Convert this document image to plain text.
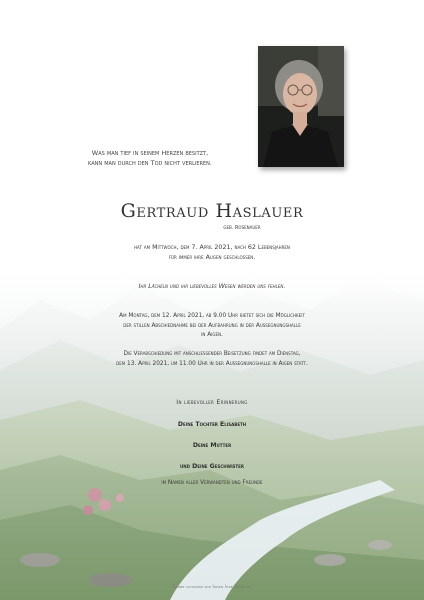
Was man tief in seinem Herzen besitzt,
kann man durch den Tod nicht verlieren.
Gertraud Haslauer
geb. Rosenauer
hat am Mittwoch, dem 7. April 2021, nach 62 Lebensjahren
für immer ihre Augen geschlossen.
Ihr Lächeln und ihr liebevolles Wesen werden uns fehlen.
Am Montag, dem 12. April 2021, ab 9.00 Uhr bietet sich die Möglichkeit
der stillen Abschiednahme bei der Aufbahrung in der Aussegnungshalle
in Aigen.
Die Verabschiedung mit anschließender Beisetzung findet am Dienstag,
dem 13. April 2021, um 11.00 Uhr in der Aussegnungshalle in Aigen statt.
In liebevoller Erinnerung
Deine Tochter Elisabeth
Deine Mutter
und Deine Geschwister
im Namen aller Verwandten und Freunde
Gerne schicken wir Ihnen Ihre Parte zu
